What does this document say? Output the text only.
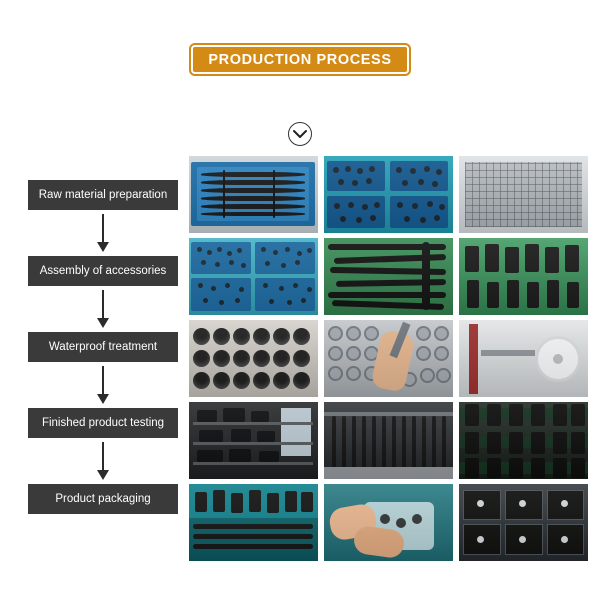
PRODUCTION PROCESS
Raw material preparation
Assembly of accessories
Waterproof treatment
Finished product testing
Product packaging
